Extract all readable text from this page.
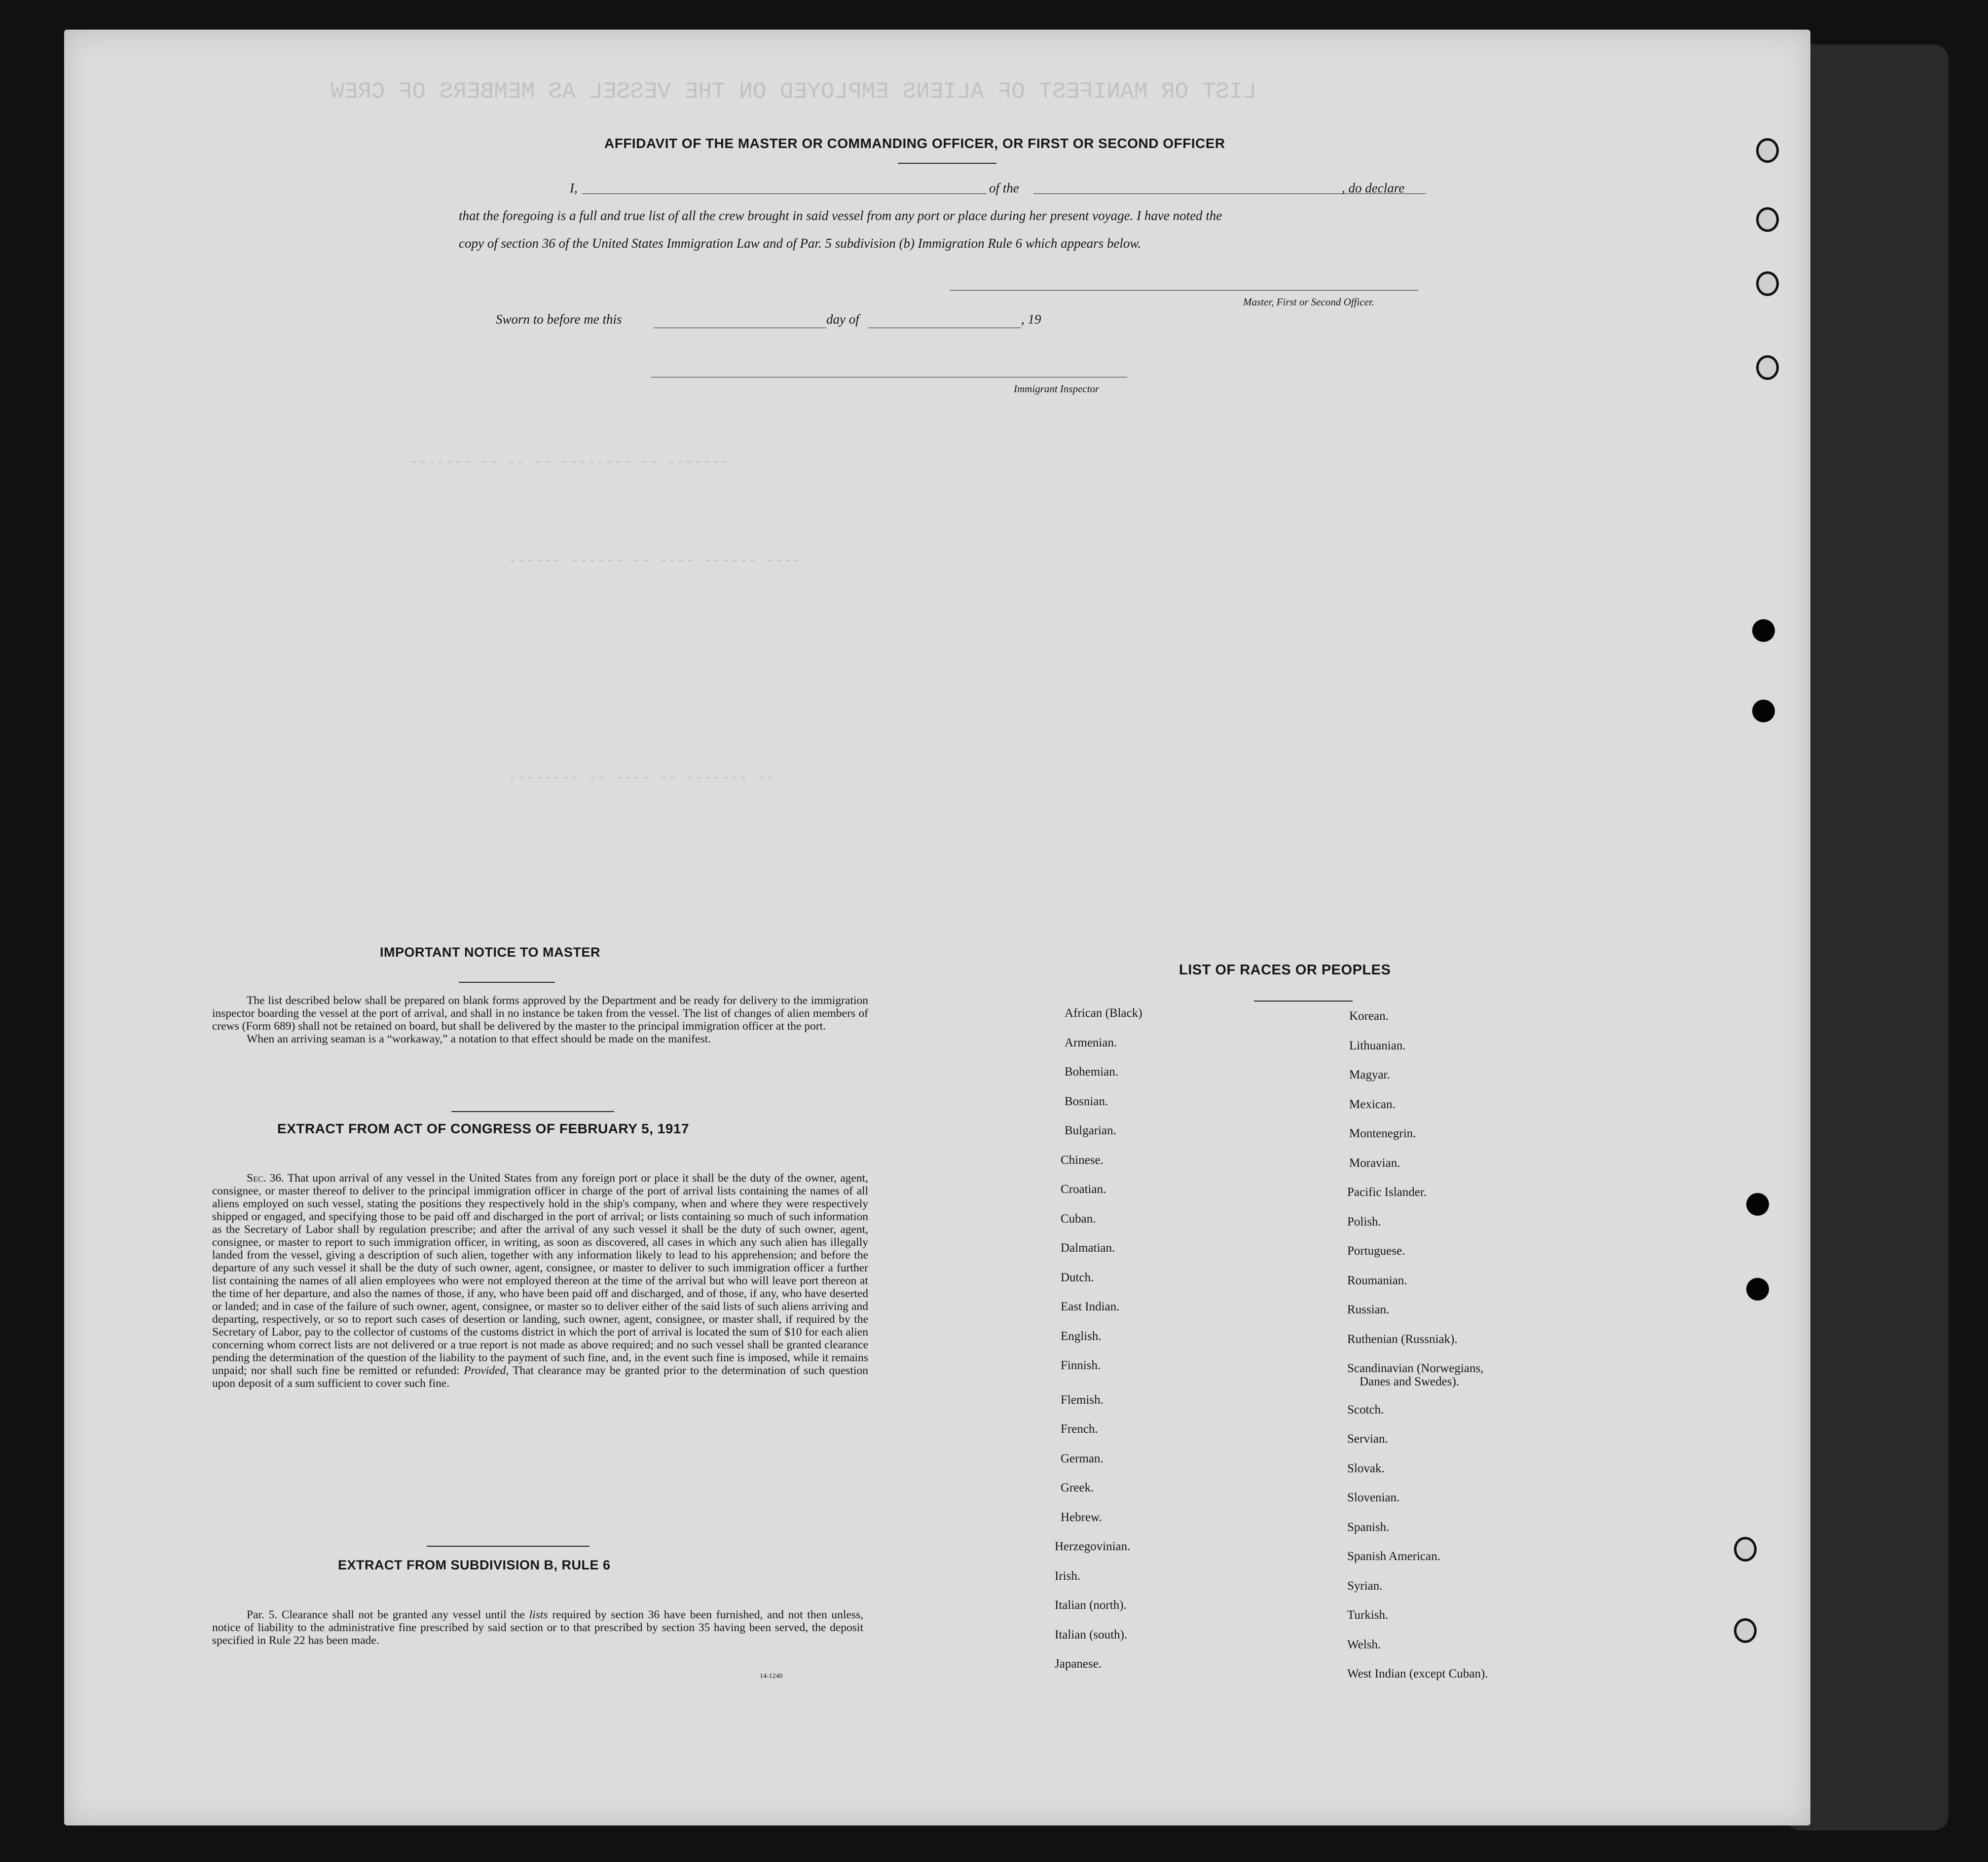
LIST OR MANIFEST OF ALIENS EMPLOYED ON THE VESSEL AS MEMBERS OF CREW
------- -- -- -- -------- -- -------
------ ------ -- ---- ------ ----
-------- -- ---- -- ------- --
AFFIDAVIT OF THE MASTER OR COMMANDING OFFICER, OR FIRST OR SECOND OFFICER
I,	of the	, do declare
that the foregoing is a full and true list of all the crew brought in said vessel from any port or place during her present voyage. I have noted the
copy of section 36 of the United States Immigration Law and of Par. 5 subdivision (b) Immigration Rule 6 which appears below.
Master, First or Second Officer.
Sworn to before me this	day of	, 19
Immigrant Inspector
IMPORTANT NOTICE TO MASTER

The list described below shall be prepared on blank forms approved by the Department and be ready for delivery to the immigration inspector boarding the vessel at the port of arrival, and shall in no instance be taken from the vessel. The list of changes of alien members of crews (Form 689) shall not be retained on board, but shall be delivered by the master to the principal immigration officer at the port.

When an arriving seaman is a “workaway,” a notation to that effect should be made on the manifest.

EXTRACT FROM ACT OF CONGRESS OF FEBRUARY 5, 1917

Sec. 36. That upon arrival of any vessel in the United States from any foreign port or place it shall be the duty of the owner, agent, consignee, or master thereof to deliver to the principal immigration officer in charge of the port of arrival lists containing the names of all aliens employed on such vessel, stating the positions they respectively hold in the ship's company, when and where they were respectively shipped or engaged, and specifying those to be paid off and discharged in the port of arrival; or lists containing so much of such information as the Secretary of Labor shall by regulation prescribe; and after the arrival of any such vessel it shall be the duty of such owner, agent, consignee, or master to report to such immigration officer, in writing, as soon as discovered, all cases in which any such alien has illegally landed from the vessel, giving a description of such alien, together with any information likely to lead to his apprehension; and before the departure of any such vessel it shall be the duty of such owner, agent, consignee, or master to deliver to such immigration officer a further list containing the names of all alien employees who were not employed thereon at the time of the arrival but who will leave port thereon at the time of her departure, and also the names of those, if any, who have been paid off and discharged, and of those, if any, who have deserted or landed; and in case of the failure of such owner, agent, consignee, or master so to deliver either of the said lists of such aliens arriving and departing, respectively, or so to report such cases of desertion or landing, such owner, agent, consignee, or master shall, if required by the Secretary of Labor, pay to the collector of customs of the customs district in which the port of arrival is located the sum of $10 for each alien concerning whom correct lists are not delivered or a true report is not made as above required; and no such vessel shall be granted clearance pending the determination of the question of the liability to the payment of such fine, and, in the event such fine is imposed, while it remains unpaid; nor shall such fine be remitted or refunded: Provided, That clearance may be granted prior to the determination of such question upon deposit of a sum sufficient to cover such fine.

EXTRACT FROM SUBDIVISION B, RULE 6

Par. 5. Clearance shall not be granted any vessel until the lists required by section 36 have been furnished, and not then unless, notice of liability to the administrative fine prescribed by said section or to that prescribed by section 35 having been served, the deposit specified in Rule 22 has been made.

14-1240
LIST OF RACES OR PEOPLES
African (Black)
Armenian.
Bohemian.
Bosnian.
Bulgarian.
Chinese.
Croatian.
Cuban.
Dalmatian.
Dutch.
East Indian.
English.
Finnish.
Flemish.
French.
German.
Greek.
Hebrew.
Herzegovinian.
Irish.
Italian (north).
Italian (south).
Japanese.
Korean.
Lithuanian.
Magyar.
Mexican.
Montenegrin.
Moravian.
Pacific Islander.
Polish.
Portuguese.
Roumanian.
Russian.
Ruthenian (Russniak).
Scandinavian (Norwegians,
Danes and Swedes).
Scotch.
Servian.
Slovak.
Slovenian.
Spanish.
Spanish American.
Syrian.
Turkish.
Welsh.
West Indian (except Cuban).
